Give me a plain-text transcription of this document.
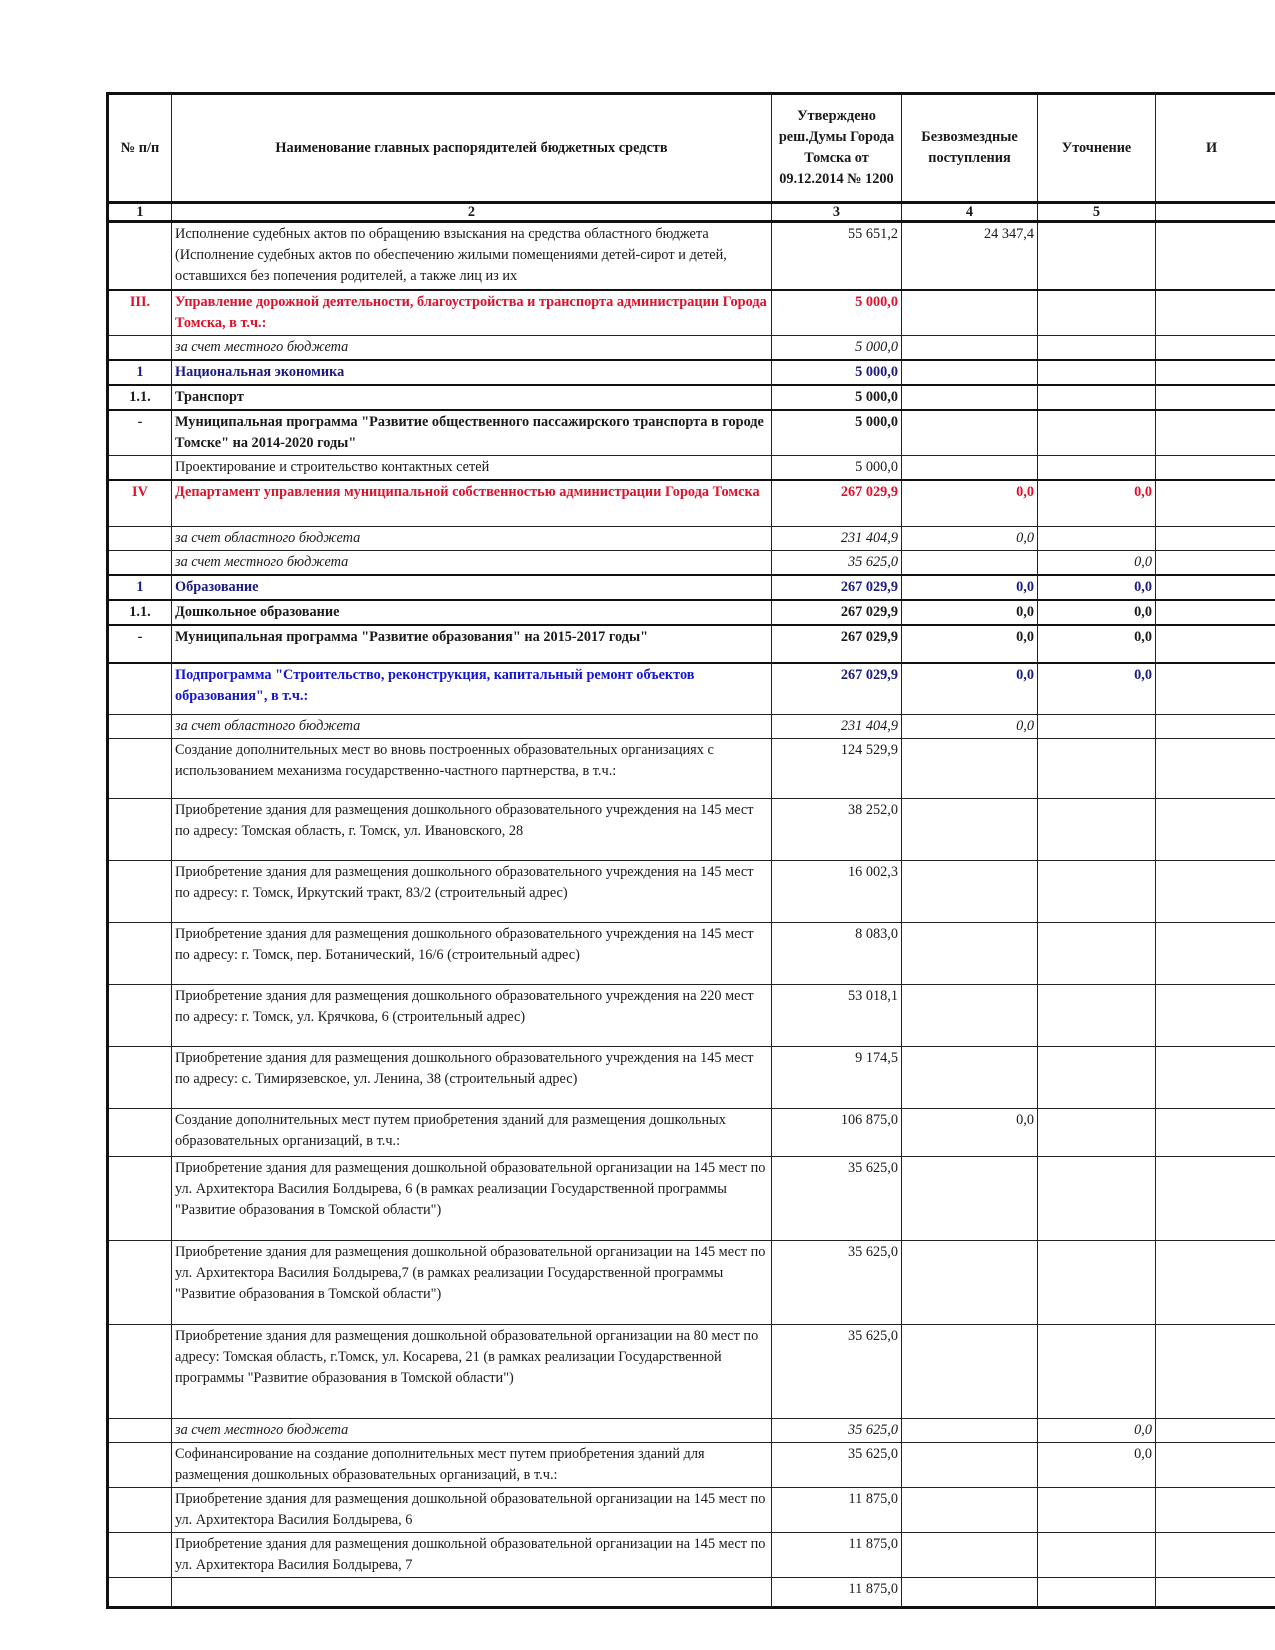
№ п/п	Наименование главных распорядителей бюджетных средств	Утверждено реш.Думы Города Томска от 09.12.2014 № 1200	Безвозмездные поступления	Уточнение	И
1	2	3	4	5	
	Исполнение судебных актов по обращению взыскания на средства областного бюджета (Исполнение судебных актов по обеспечению жилыми помещениями детей-сирот и детей, оставшихся без попечения родителей, а также лиц из их	55 651,2	24 347,4		
III.	Управление дорожной деятельности, благоустройства и транспорта администрации Города Томска, в т.ч.:	5 000,0			
	за счет местного бюджета	5 000,0			
1	Национальная экономика	5 000,0			
1.1.	Транспорт	5 000,0			
-	Муниципальная программа "Развитие общественного пассажирского транспорта в городе Томске" на 2014-2020 годы"	5 000,0			
	Проектирование и строительство контактных сетей	5 000,0			
IV	Департамент управления муниципальной собственностью администрации Города Томска	267 029,9	0,0	0,0	
	за счет областного бюджета	231 404,9	0,0		
	за счет местного бюджета	35 625,0		0,0	
1	Образование	267 029,9	0,0	0,0	
1.1.	Дошкольное образование	267 029,9	0,0	0,0	
-	Муниципальная программа "Развитие образования" на 2015-2017 годы"	267 029,9	0,0	0,0	
	Подпрограмма "Строительство, реконструкция, капитальный ремонт объектов образования", в т.ч.:	267 029,9	0,0	0,0	
	за счет областного бюджета	231 404,9	0,0		
	Создание дополнительных мест во вновь построенных образовательных организациях с использованием механизма государственно-частного партнерства, в т.ч.:	124 529,9			
	Приобретение здания для размещения дошкольного образовательного учреждения на 145 мест по адресу: Томская область, г. Томск, ул. Ивановского, 28	38 252,0			
	Приобретение здания для размещения дошкольного образовательного учреждения на 145 мест по адресу: г. Томск, Иркутский тракт, 83/2 (строительный адрес)	16 002,3			
	Приобретение здания для размещения дошкольного образовательного учреждения на 145 мест по адресу: г. Томск, пер. Ботанический, 16/6 (строительный адрес)	8 083,0			
	Приобретение здания для размещения дошкольного образовательного учреждения на 220 мест по адресу: г. Томск, ул. Крячкова, 6 (строительный адрес)	53 018,1			
	Приобретение здания для размещения дошкольного образовательного учреждения на 145 мест по адресу: с. Тимирязевское, ул. Ленина, 38 (строительный адрес)	9 174,5			
	Создание дополнительных мест путем приобретения зданий для размещения дошкольных образовательных организаций, в т.ч.:	106 875,0	0,0		
	Приобретение здания для размещения дошкольной образовательной организации на 145 мест по ул. Архитектора Василия Болдырева, 6 (в рамках реализации Государственной программы "Развитие образования в Томской области")	35 625,0			
	Приобретение здания для размещения дошкольной образовательной организации на 145 мест по ул. Архитектора Василия Болдырева,7 (в рамках реализации Государственной программы "Развитие образования в Томской области")	35 625,0			
	Приобретение здания для размещения дошкольной образовательной организации на 80 мест по адресу: Томская область, г.Томск, ул. Косарева, 21 (в рамках реализации Государственной программы "Развитие образования в Томской области")	35 625,0			
	за счет местного бюджета	35 625,0		0,0	
	Софинансирование на создание дополнительных мест путем приобретения зданий для размещения дошкольных образовательных организаций, в т.ч.:	35 625,0		0,0	
	Приобретение здания для размещения дошкольной образовательной организации на 145 мест по ул. Архитектора Василия Болдырева, 6	11 875,0			
	Приобретение здания для размещения дошкольной образовательной организации на 145 мест по ул. Архитектора Василия Болдырева, 7	11 875,0			
		11 875,0			
